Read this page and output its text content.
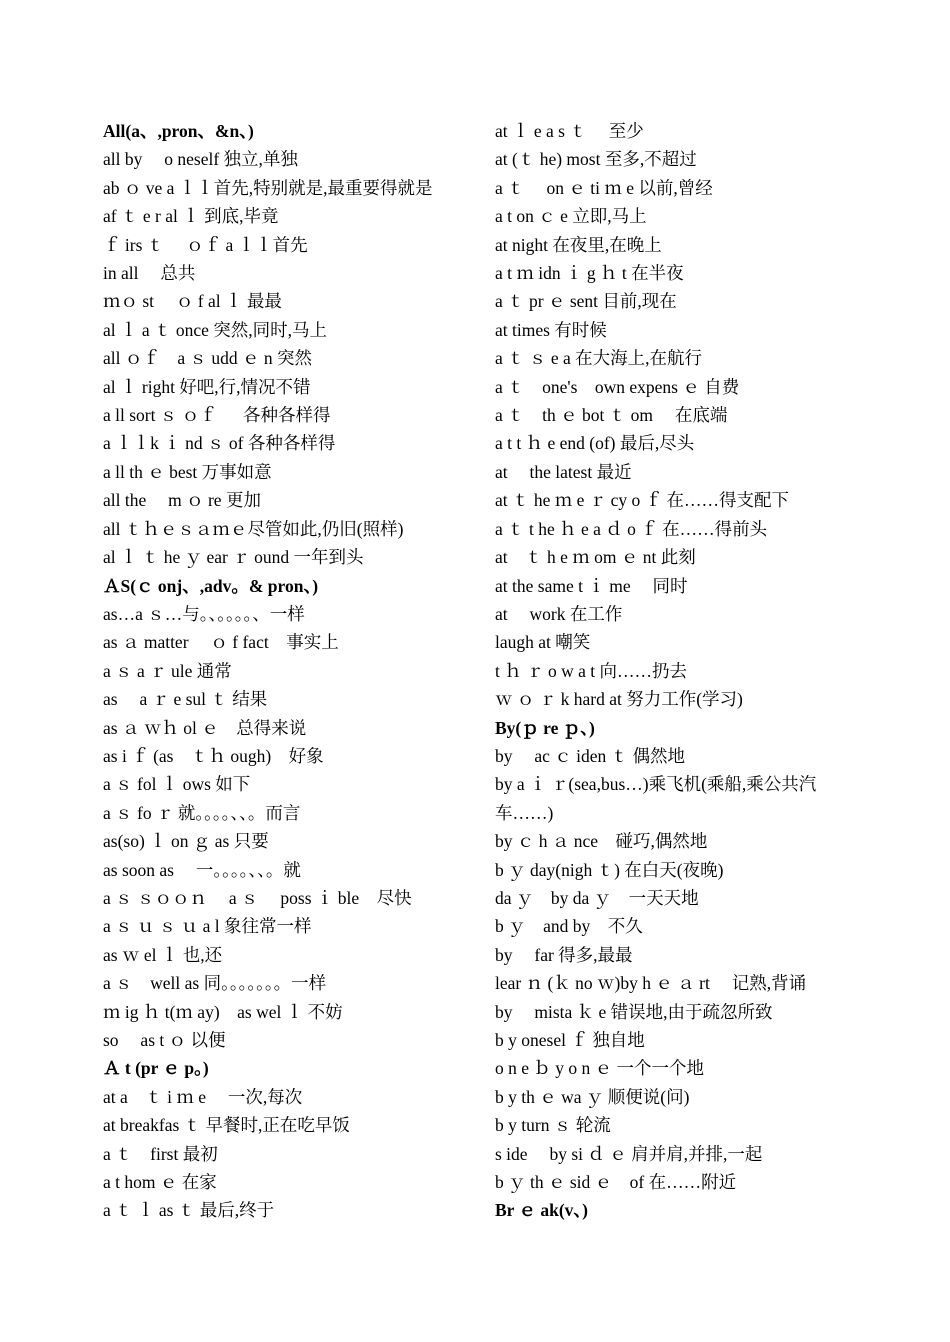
All(a、,pron、&n、)
all by　 o neself 独立,单独
ab ｏ ve a ｌｌ首先,特别就是,最重要得就是
af ｔ e r al ｌ 到底,毕竟
ｆ irs ｔ 　ｏｆ a ｌｌ首先
in all　 总共
ｍｏ st 　ｏ f al ｌ 最最
al ｌ a ｔ once 突然,同时,马上
all ｏｆ　a ｓ udd ｅ n 突然
al ｌ right 好吧,行,情况不错
a ll sort ｓ ｏｆ 　 各种各样得
a ｌｌk ｉ nd ｓ of 各种各样得
a ll th ｅ best 万事如意
all the　 m ｏ re 更加
all ｔｈｅｓａｍｅ尽管如此,仍旧(照样)
al ｌ ｔ he ｙ ear ｒ ound 一年到头
ＡS(ｃ onj、,adv。& pron、)
as…a ｓ…与。、。。。。、一样
as ａ matter　 ｏ f fact　事实上
a ｓ a ｒ ule 通常
as　 a ｒ e sul ｔ 结果
as ａ ｗｈ ol ｅ　总得来说
as i ｆ (as　ｔｈ ough)　好象
a ｓ fol ｌ ows 如下
a ｓ fo ｒ 就。。。。、、。而言
as(so) ｌ on ｇ as 只要
as soon as　 一。。。。、、。就
a ｓ ｓｏｏｎ　 a ｓ　 poss ｉ ble　尽快
a ｓ ｕ ｓ ｕ a l 象往常一样
as ｗ el ｌ 也,还
a ｓ　well as 同。。。。。。。一样
ｍ ig ｈ t(ｍ ay)　as wel ｌ 不妨
so　 as t ｏ 以便
Ａ t (pr ｅ p。)
at a　ｔ i ｍ e　 一次,每次
at breakfas ｔ 早餐时,正在吃早饭
a ｔ　first 最初
a t hom ｅ 在家
a ｔ ｌ as ｔ 最后,终于
at ｌ e a s ｔ　 至少
at (ｔ he) most 至多,不超过
a ｔ　 on ｅ ti ｍ e 以前,曾经
a t on ｃ e 立即,马上
at night 在夜里,在晚上
a t ｍ idn ｉ g ｈ t 在半夜
a ｔ pr ｅ sent 目前,现在
at times 有时候
a ｔ ｓ e a 在大海上,在航行
a ｔ　one's　own expens ｅ 自费
a ｔ　th ｅ bot ｔ om　 在底端
a t t ｈ e end (of) 最后,尽头
at　 the latest 最近
at ｔ he ｍ e ｒ cy o ｆ 在……得支配下
a ｔ t he ｈ e a ｄ o ｆ 在……得前头
at　ｔ h e ｍ om ｅ nt 此刻
at the same t ｉ me　 同时
at　 work 在工作
laugh at 嘲笑
t ｈ ｒ o w a t 向……扔去
ｗ ｏ ｒ k hard at 努力工作(学习)
By(ｐ re ｐ、)
by　 ac ｃ iden ｔ 偶然地
by a ｉ ｒ(sea,bus…)乘飞机(乘船,乘公共汽车……)
by ｃ h ａ nce　碰巧,偶然地
b ｙ day(nigh ｔ) 在白天(夜晚)
da ｙ　by da ｙ　一天天地
b ｙ　and by　不久
by　 far 得多,最最
lear ｎ (ｋ no ｗ)by h ｅ ａ rt　 记熟,背诵
by　 mista ｋ e 错误地,由于疏忽所致
b y onesel ｆ 独自地
o n e ｂ y o n ｅ 一个一个地
b y th ｅ wa ｙ 顺便说(问)
b y turn ｓ 轮流
s ide　 by si ｄ ｅ 肩并肩,并排,一起
b ｙ th ｅ sid ｅ　of 在……附近
Br ｅ ak(v、)
